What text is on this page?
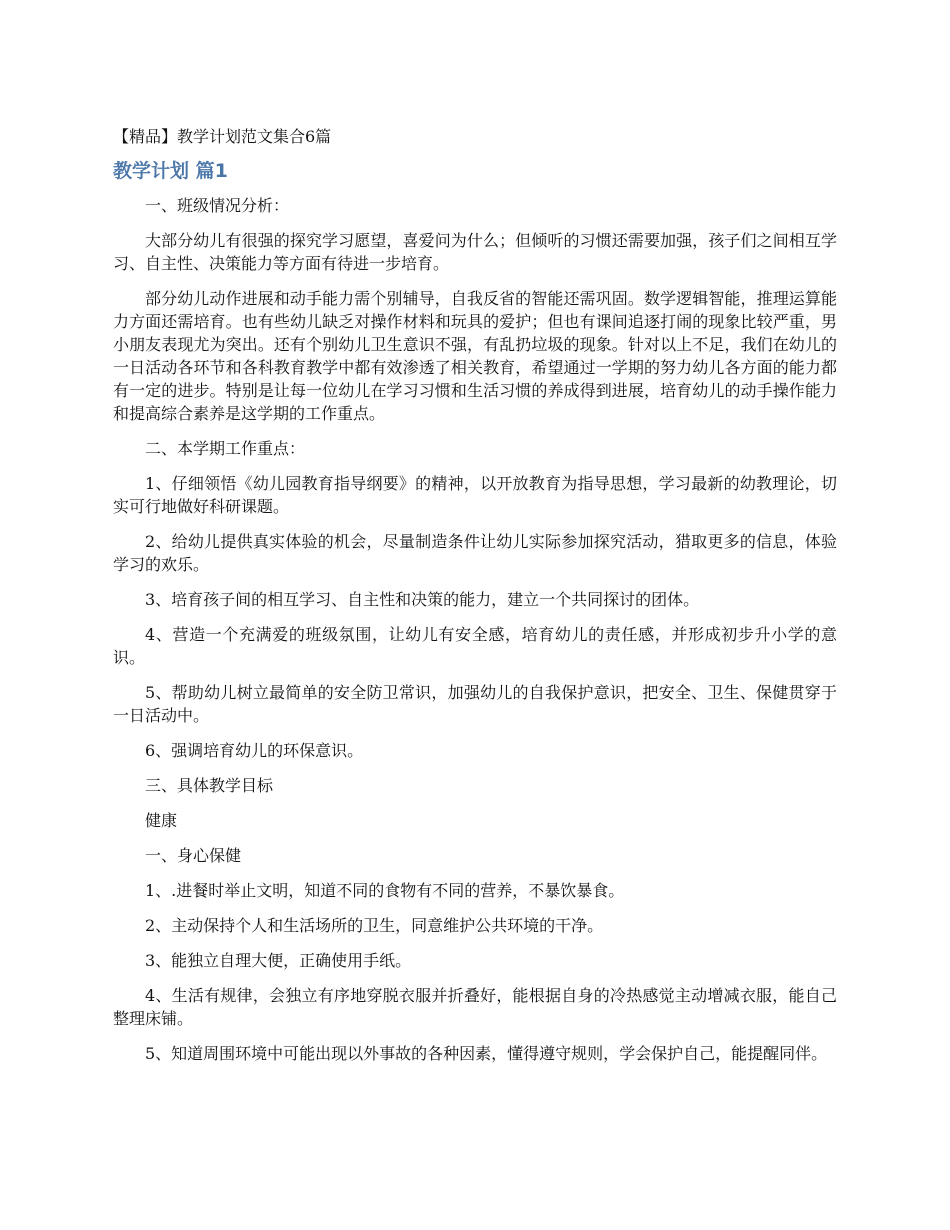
【精品】教学计划范文集合6篇
教学计划 篇1

一、班级情况分析：

大部分幼儿有很强的探究学习愿望，喜爱问为什么；但倾听的习惯还需要加强，孩子们之间相互学习、自主性、决策能力等方面有待进一步培育。

部分幼儿动作进展和动手能力需个别辅导，自我反省的智能还需巩固。数学逻辑智能，推理运算能力方面还需培育。也有些幼儿缺乏对操作材料和玩具的爱护；但也有课间追逐打闹的现象比较严重，男小朋友表现尤为突出。还有个别幼儿卫生意识不强，有乱扔垃圾的现象。针对以上不足，我们在幼儿的一日活动各环节和各科教育教学中都有效渗透了相关教育，希望通过一学期的努力幼儿各方面的能力都有一定的进步。特别是让每一位幼儿在学习习惯和生活习惯的养成得到进展，培育幼儿的动手操作能力和提高综合素养是这学期的工作重点。

二、本学期工作重点：

1、仔细领悟《幼儿园教育指导纲要》的精神，以开放教育为指导思想，学习最新的幼教理论，切实可行地做好科研课题。

2、给幼儿提供真实体验的机会，尽量制造条件让幼儿实际参加探究活动，猎取更多的信息，体验学习的欢乐。

3、培育孩子间的相互学习、自主性和决策的能力，建立一个共同探讨的团体。

4、营造一个充满爱的班级氛围，让幼儿有安全感，培育幼儿的责任感，并形成初步升小学的意识。

5、帮助幼儿树立最简单的安全防卫常识，加强幼儿的自我保护意识，把安全、卫生、保健贯穿于一日活动中。

6、强调培育幼儿的环保意识。

三、具体教学目标

健康

一、身心保健

1、.进餐时举止文明，知道不同的食物有不同的营养，不暴饮暴食。

2、主动保持个人和生活场所的卫生，同意维护公共环境的干净。

3、能独立自理大便，正确使用手纸。

4、生活有规律，会独立有序地穿脱衣服并折叠好，能根据自身的冷热感觉主动增减衣服，能自己整理床铺。

5、知道周围环境中可能出现以外事故的各种因素，懂得遵守规则，学会保护自己，能提醒同伴。
